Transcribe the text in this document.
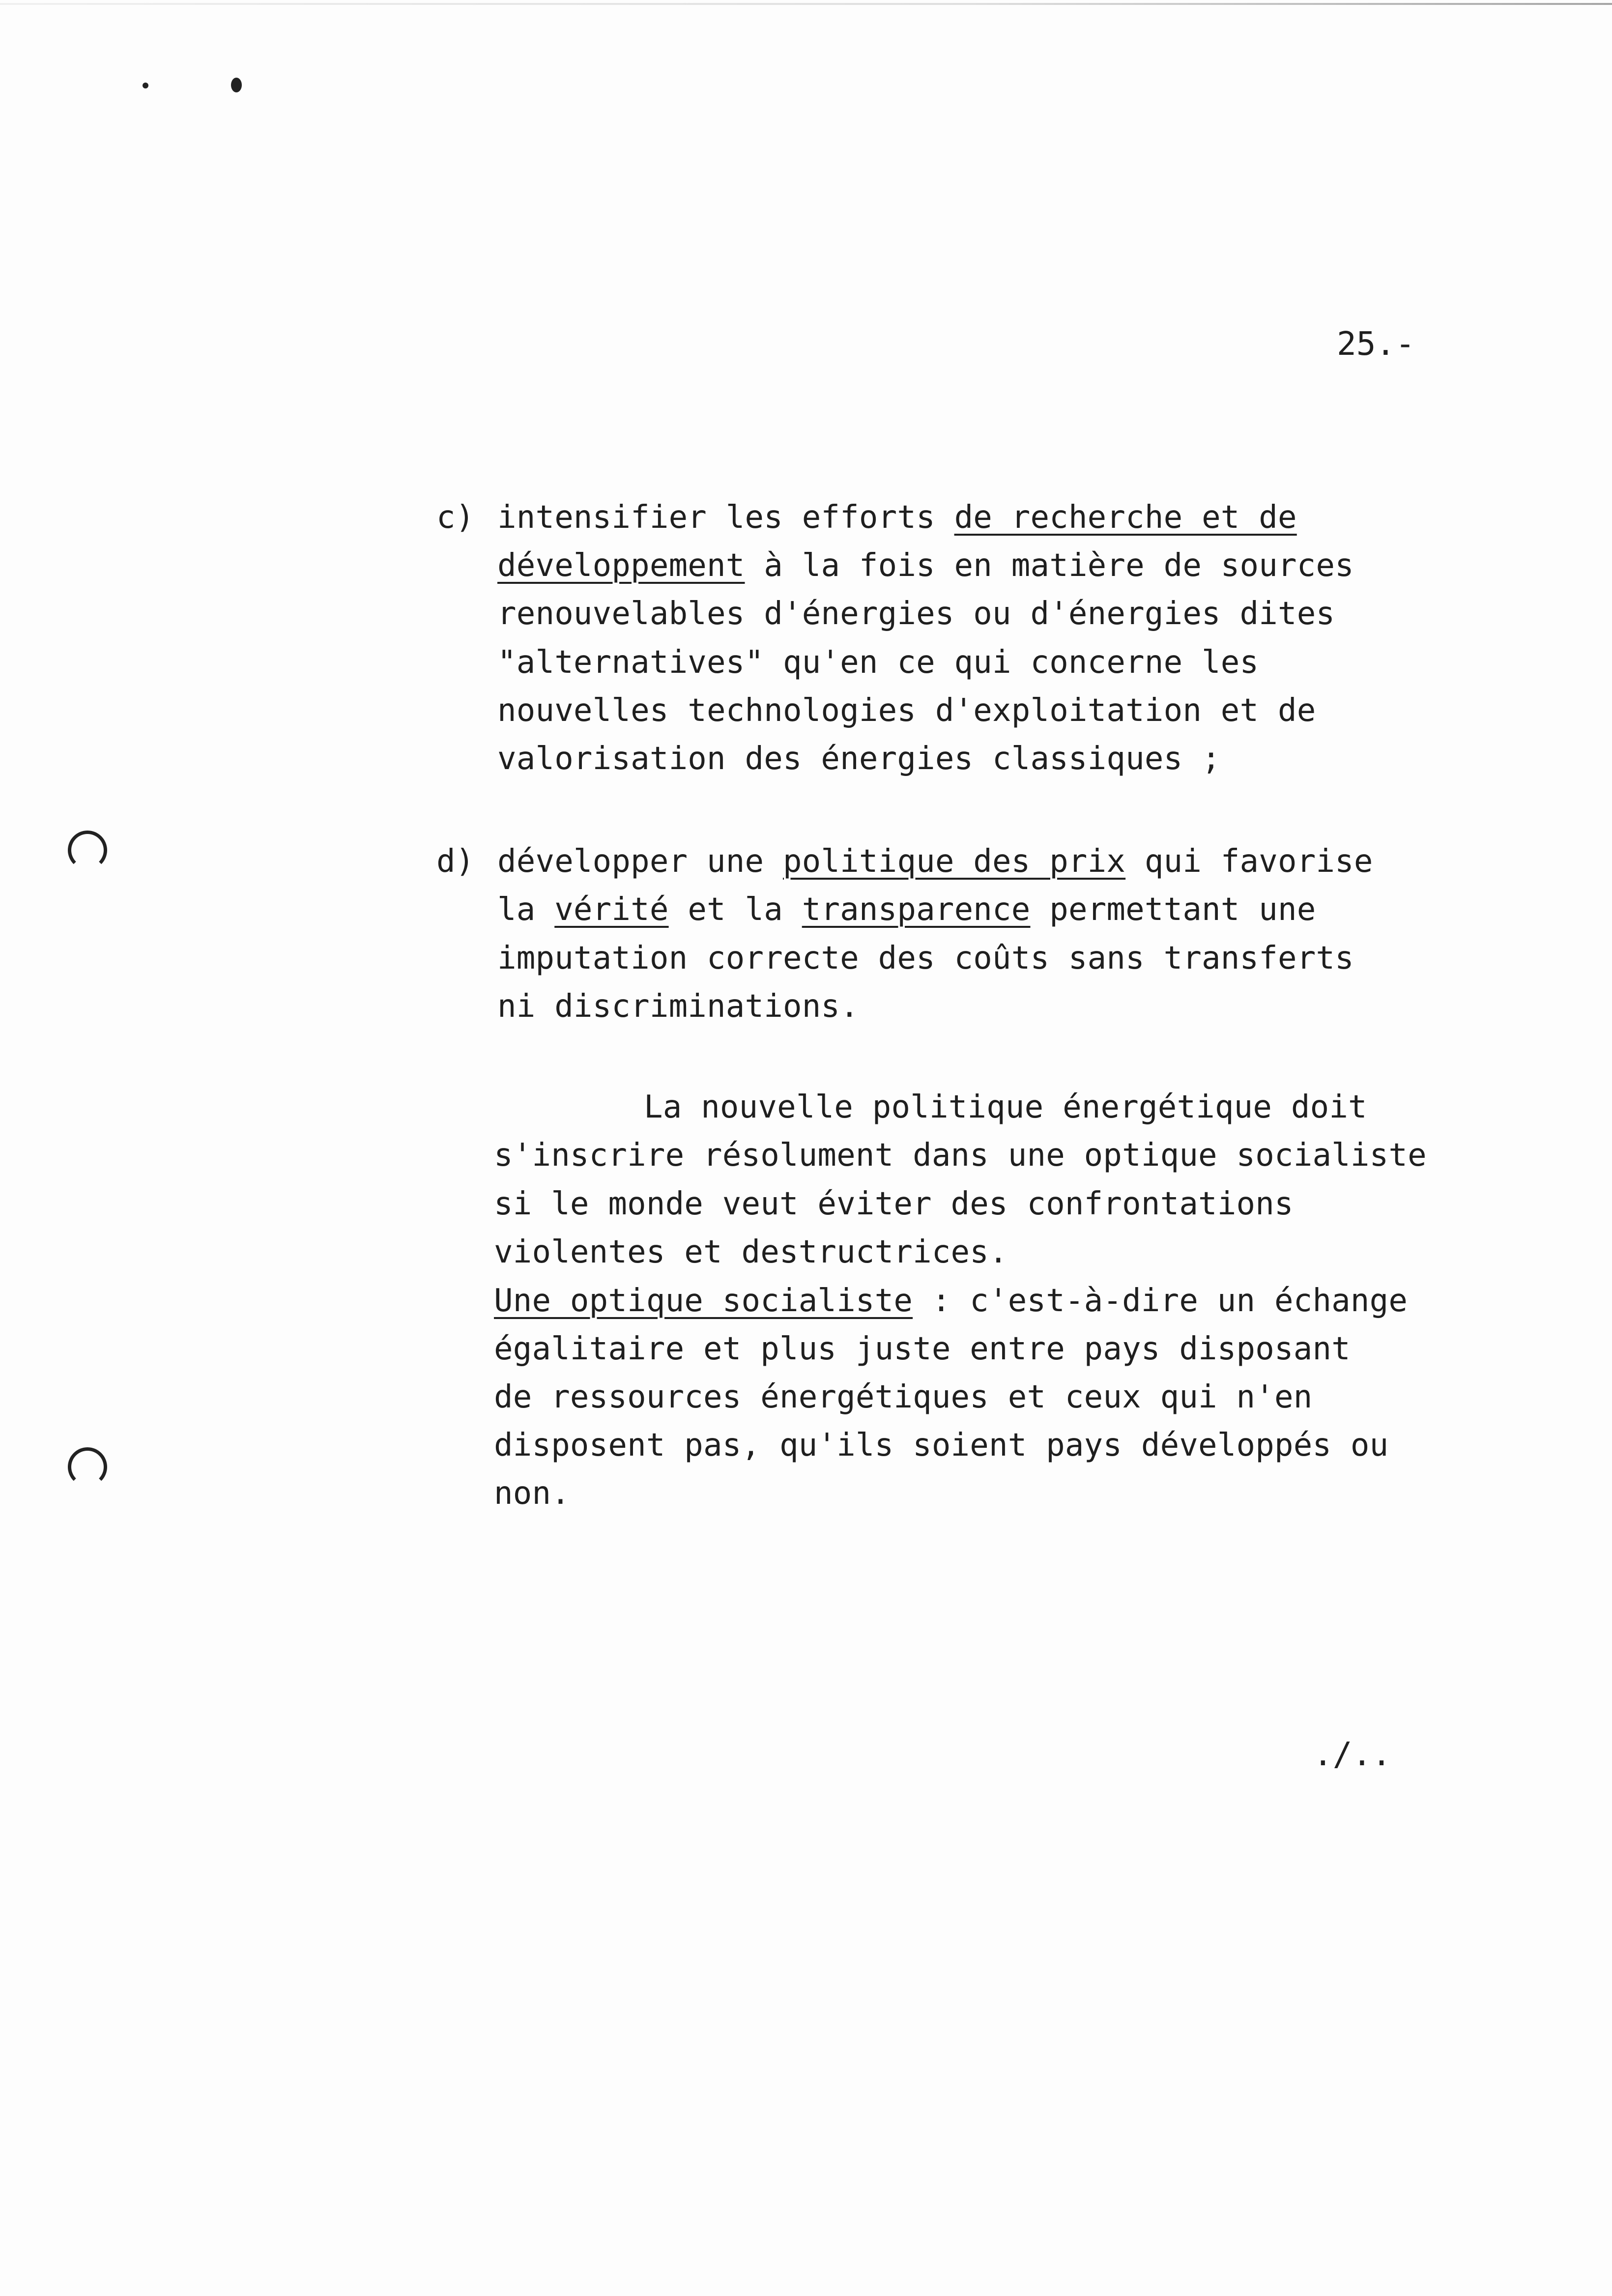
25.-
c) intensifier les efforts de recherche et de
développement à la fois en matière de sources
renouvelables d'énergies ou d'énergies dites
"alternatives" qu'en ce qui concerne les
nouvelles technologies d'exploitation et de
valorisation des énergies classiques ;
d) développer une politique des prix qui favorise
la vérité et la transparence permettant une
imputation correcte des coûts sans transferts
ni discriminations.
La nouvelle politique énergétique doit
s'inscrire résolument dans une optique socialiste
si le monde veut éviter des confrontations
violentes et destructrices.
Une optique socialiste : c'est-à-dire un échange
égalitaire et plus juste entre pays disposant
de ressources énergétiques et ceux qui n'en
disposent pas, qu'ils soient pays développés ou
non.
./..
